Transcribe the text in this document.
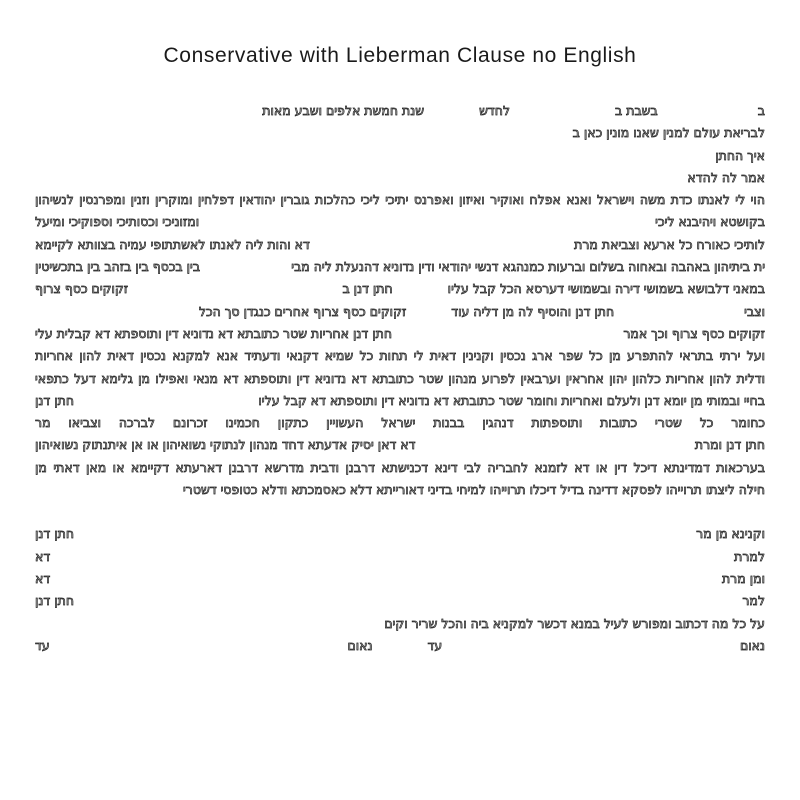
Conservative with Lieberman Clause no English
ב
בשבת ב
לחדש
שנת חמשת אלפים ושבע מאות
לבריאת עולם למנין שאנו מונין כאן ב
איך החתן
אמר לה להדא
הוי לי לאנתו כדת משה וישראל ואנא אפלח ואוקיר ואיזון ואפרנס יתיכי ליכי כהלכות גוברין יהודאין דפלחין ומוקרין וזנין ומפרנסין לנשיהון
בקושטא ויהיבנא ליכי
ומזוניכי וכסותיכי וספוקיכי ומיעל
לותיכי כאורח כל ארעא וצביאת מרת
דא והות ליה לאנתו לאשתתופי עמיה בצוותא לקיימא
ית ביתיהון באהבה ובאחוה בשלום וברעות כמנהגא דנשי יהודאי ודין נדוניא דהנעלת ליה מבי
בין בכסף בין בזהב בין בתכשיטין
במאני דלבושא בשמושי דירה ובשמושי דערסא הכל קבל עליו
חתן דנן ב
זקוקים כסף צרוף
וצבי
חתן דנן והוסיף לה מן דליה עוד
זקוקים כסף צרוף אחרים כנגדן סך הכל
זקוקים כסף צרוף וכך אמר
חתן דנן אחריות שטר כתובתא דא נדוניא דין ותוספתא דא קבלית עלי
ועל ירתי בתראי להתפרע מן כל שפר ארג נכסין וקנינין דאית לי תחות כל שמיא דקנאי ודעתיד אנא למקנא נכסין דאית להון אחריות
ודלית להון אחריות כלהון יהון אחראין וערבאין לפרוע מנהון שטר כתובתא דא נדוניא דין ותוספתא דא מנאי ואפילו מן גלימא דעל כתפאי
בחיי ובמותי מן יומא דנן ולעלם ואחריות וחומר שטר כתובתא דא נדוניא דין ותוספתא דא קבל עליו
חתן דנן
כחומר כל שטרי כתובות ותוספתות דנהגין בבנות ישראל העשויין כתקון חכמינו זכרונם לברכה וצביאו מר
חתן דנן ומרת
דא דאן יסיק אדעתא דחד מנהון לנתוקי נשואיהון או אן איתנתוק נשואיהון
בערכאות דמדינתא דיכל דין או דא לזמנא לחבריה לבי דינא דכנישתא דרבנן ודבית מדרשא דרבנן דארעתא דקיימא או מאן דאתי מן
חילה ליצתו תרוייהו לפסקא דדינה בדיל דיכלו תרוייהו למיחי בדיני דאורייתא דלא כאסמכתא ודלא כטופסי דשטרי
וקנינא מן מר
חתן דנן
למרת
דא
ומן מרת
דא
למר
חתן דנן
על כל מה דכתוב ומפורש לעיל במנא דכשר למקניא ביה והכל שריר וקים
נאום
עד
נאום
עד
